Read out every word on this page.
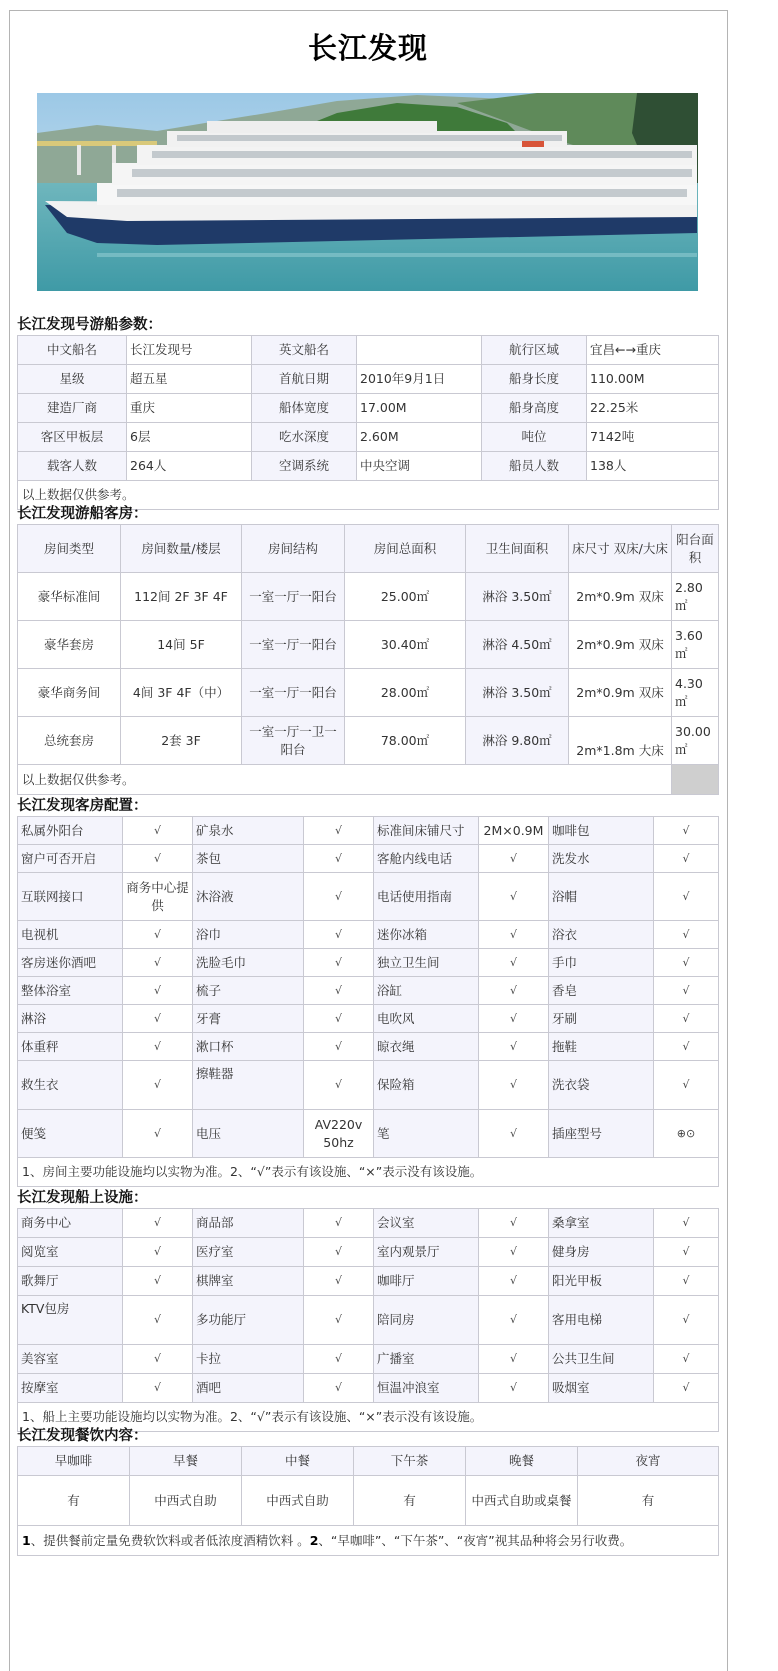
长江发现
长江发现号游船参数：
中文船名	长江发现号	英文船名		航行区域	宜昌←→重庆
星级	超五星	首航日期	2010年9月1日	船身长度	110.00M
建造厂商	重庆	船体宽度	17.00M	船身高度	22.25米
客区甲板层	6层	吃水深度	2.60M	吨位	7142吨
载客人数	264人	空调系统	中央空调	船员人数	138人
以上数据仅供参考。					
长江发现游船客房：
房间类型	房间数量/楼层	房间结构	房间总面积	卫生间面积	床尺寸 双床/大床	阳台面积
豪华标准间	112间 2F 3F 4F	一室一厅一阳台	25.00㎡	淋浴 3.50㎡	2m*0.9m 双床	2.80㎡
豪华套房	14间 5F	一室一厅一阳台	30.40㎡	淋浴 4.50㎡	2m*0.9m 双床	3.60㎡
豪华商务间	4间 3F 4F（中）	一室一厅一阳台	28.00㎡	淋浴 3.50㎡	2m*0.9m 双床	4.30㎡
总统套房	2套 3F	一室一厅一卫一阳台	78.00㎡	淋浴 9.80㎡	2m*1.8m 大床	30.00㎡
以上数据仅供参考。						
长江发现客房配置：
私属外阳台	√	矿泉水	√	标准间床铺尺寸	2M×0.9M	咖啡包	√
窗户可否开启	√	茶包	√	客舱内线电话	√	洗发水	√
互联网接口	商务中心提供	沐浴液	√	电话使用指南	√	浴帽	√
电视机	√	浴巾	√	迷你冰箱	√	浴衣	√
客房迷你酒吧	√	洗脸毛巾	√	独立卫生间	√	手巾	√
整体浴室	√	梳子	√	浴缸	√	香皂	√
淋浴	√	牙膏	√	电吹风	√	牙刷	√
体重秤	√	漱口杯	√	晾衣绳	√	拖鞋	√
救生衣	√	擦鞋器	√	保险箱	√	洗衣袋	√
便笺	√	电压	AV220v 50hz	笔	√	插座型号	⊕⊙
1、房间主要功能设施均以实物为准。2、“√”表示有该设施、“×”表示没有该设施。							
长江发现船上设施：
商务中心	√	商品部	√	会议室	√	桑拿室	√
阅览室	√	医疗室	√	室内观景厅	√	健身房	√
歌舞厅	√	棋牌室	√	咖啡厅	√	阳光甲板	√
KTV包房	√	多功能厅	√	陪同房	√	客用电梯	√
美容室	√	卡拉	√	广播室	√	公共卫生间	√
按摩室	√	酒吧	√	恒温冲浪室	√	吸烟室	√
1、船上主要功能设施均以实物为准。2、“√”表示有该设施、“×”表示没有该设施。							
长江发现餐饮内容：
早咖啡	早餐	中餐	下午茶	晚餐	夜宵
有	中西式自助	中西式自助	有	中西式自助或桌餐	有
1、提供餐前定量免费软饮料或者低浓度酒精饮料 。2、“早咖啡”、“下午茶”、“夜宵”视其品种将会另行收费。					
